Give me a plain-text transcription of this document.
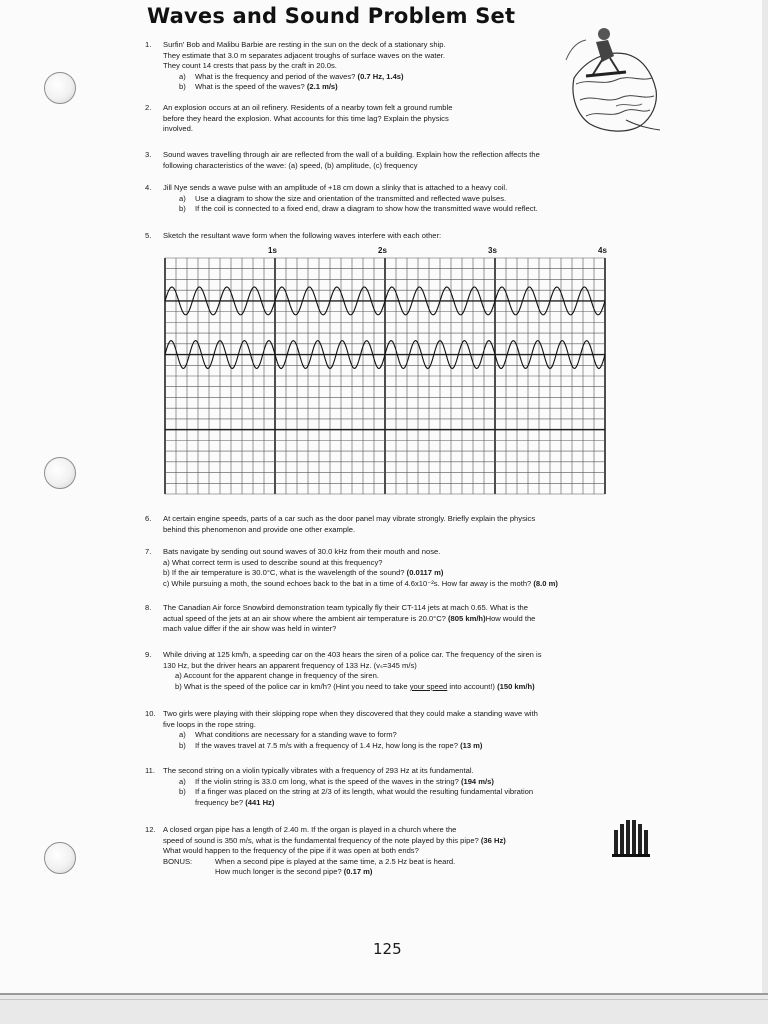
Waves and Sound Problem Set
1.	Surfin' Bob and Malibu Barbie are resting in the sun on the deck of a stationary ship.
They estimate that 3.0 m separates adjacent troughs of surface waves on the water.
They count 14 crests that pass by the craft in 20.0s.
a) What is the frequency and period of the waves? (0.7 Hz, 1.4s)
b) What is the speed of the waves? (2.1 m/s)
2.	An explosion occurs at an oil refinery. Residents of a nearby town felt a ground rumble
before they heard the explosion. What accounts for this time lag? Explain the physics
involved.
3.	Sound waves travelling through air are reflected from the wall of a building. Explain how the reflection affects the
following characteristics of the wave: (a) speed, (b) amplitude, (c) frequency
4.	Jill Nye sends a wave pulse with an amplitude of +18 cm down a slinky that is attached to a heavy coil.
a) Use a diagram to show the size and orientation of the transmitted and reflected wave pulses.
b) If the coil is connected to a fixed end, draw a diagram to show how the transmitted wave would reflect.
5.	Sketch the resultant wave form when the following waves interfere with each other:
1s	2s	3s	4s
6.	At certain engine speeds, parts of a car such as the door panel may vibrate strongly. Briefly explain the physics
behind this phenomenon and provide one other example.
7.	Bats navigate by sending out sound waves of 30.0 kHz from their mouth and nose.
a) What correct term is used to describe sound at this frequency?
b) If the air temperature is 30.0°C, what is the wavelength of the sound? (0.0117 m)
c) While pursuing a moth, the sound echoes back to the bat in a time of 4.6x10⁻²s. How far away is the moth? (8.0 m)
8.	The Canadian Air force Snowbird demonstration team typically fly their CT-114 jets at mach 0.65. What is the
actual speed of the jets at an air show where the ambient air temperature is 20.0°C? (805 km/h)How would the
mach value differ if the air show was held in winter?
9.	While driving at 125 km/h, a speeding car on the 403 hears the siren of a police car. The frequency of the siren is
130 Hz, but the driver hears an apparent frequency of 133 Hz. (vₛ=345 m/s)
a) Account for the apparent change in frequency of the siren.
b) What is the speed of the police car in km/h? (Hint you need to take your speed into account!) (150 km/h)
10. Two girls were playing with their skipping rope when they discovered that they could make a standing wave with
five loops in the rope string.
a) What conditions are necessary for a standing wave to form?
b) If the waves travel at 7.5 m/s with a frequency of 1.4 Hz, how long is the rope? (13 m)
11.	The second string on a violin typically vibrates with a frequency of 293 Hz at its fundamental.
a) If the violin string is 33.0 cm long, what is the speed of the waves in the string? (194 m/s)
b) If a finger was placed on the string at 2/3 of its length, what would the resulting fundamental vibration
frequency be? (441 Hz)
12. A closed organ pipe has a length of 2.40 m. If the organ is played in a church where the
speed of sound is 350 m/s, what is the fundamental frequency of the note played by this pipe? (36 Hz)
What would happen to the frequency of the pipe if it was open at both ends?
BONUS:	When a second pipe is played at the same time, a 2.5 Hz beat is heard.
How much longer is the second pipe? (0.17 m)
125
